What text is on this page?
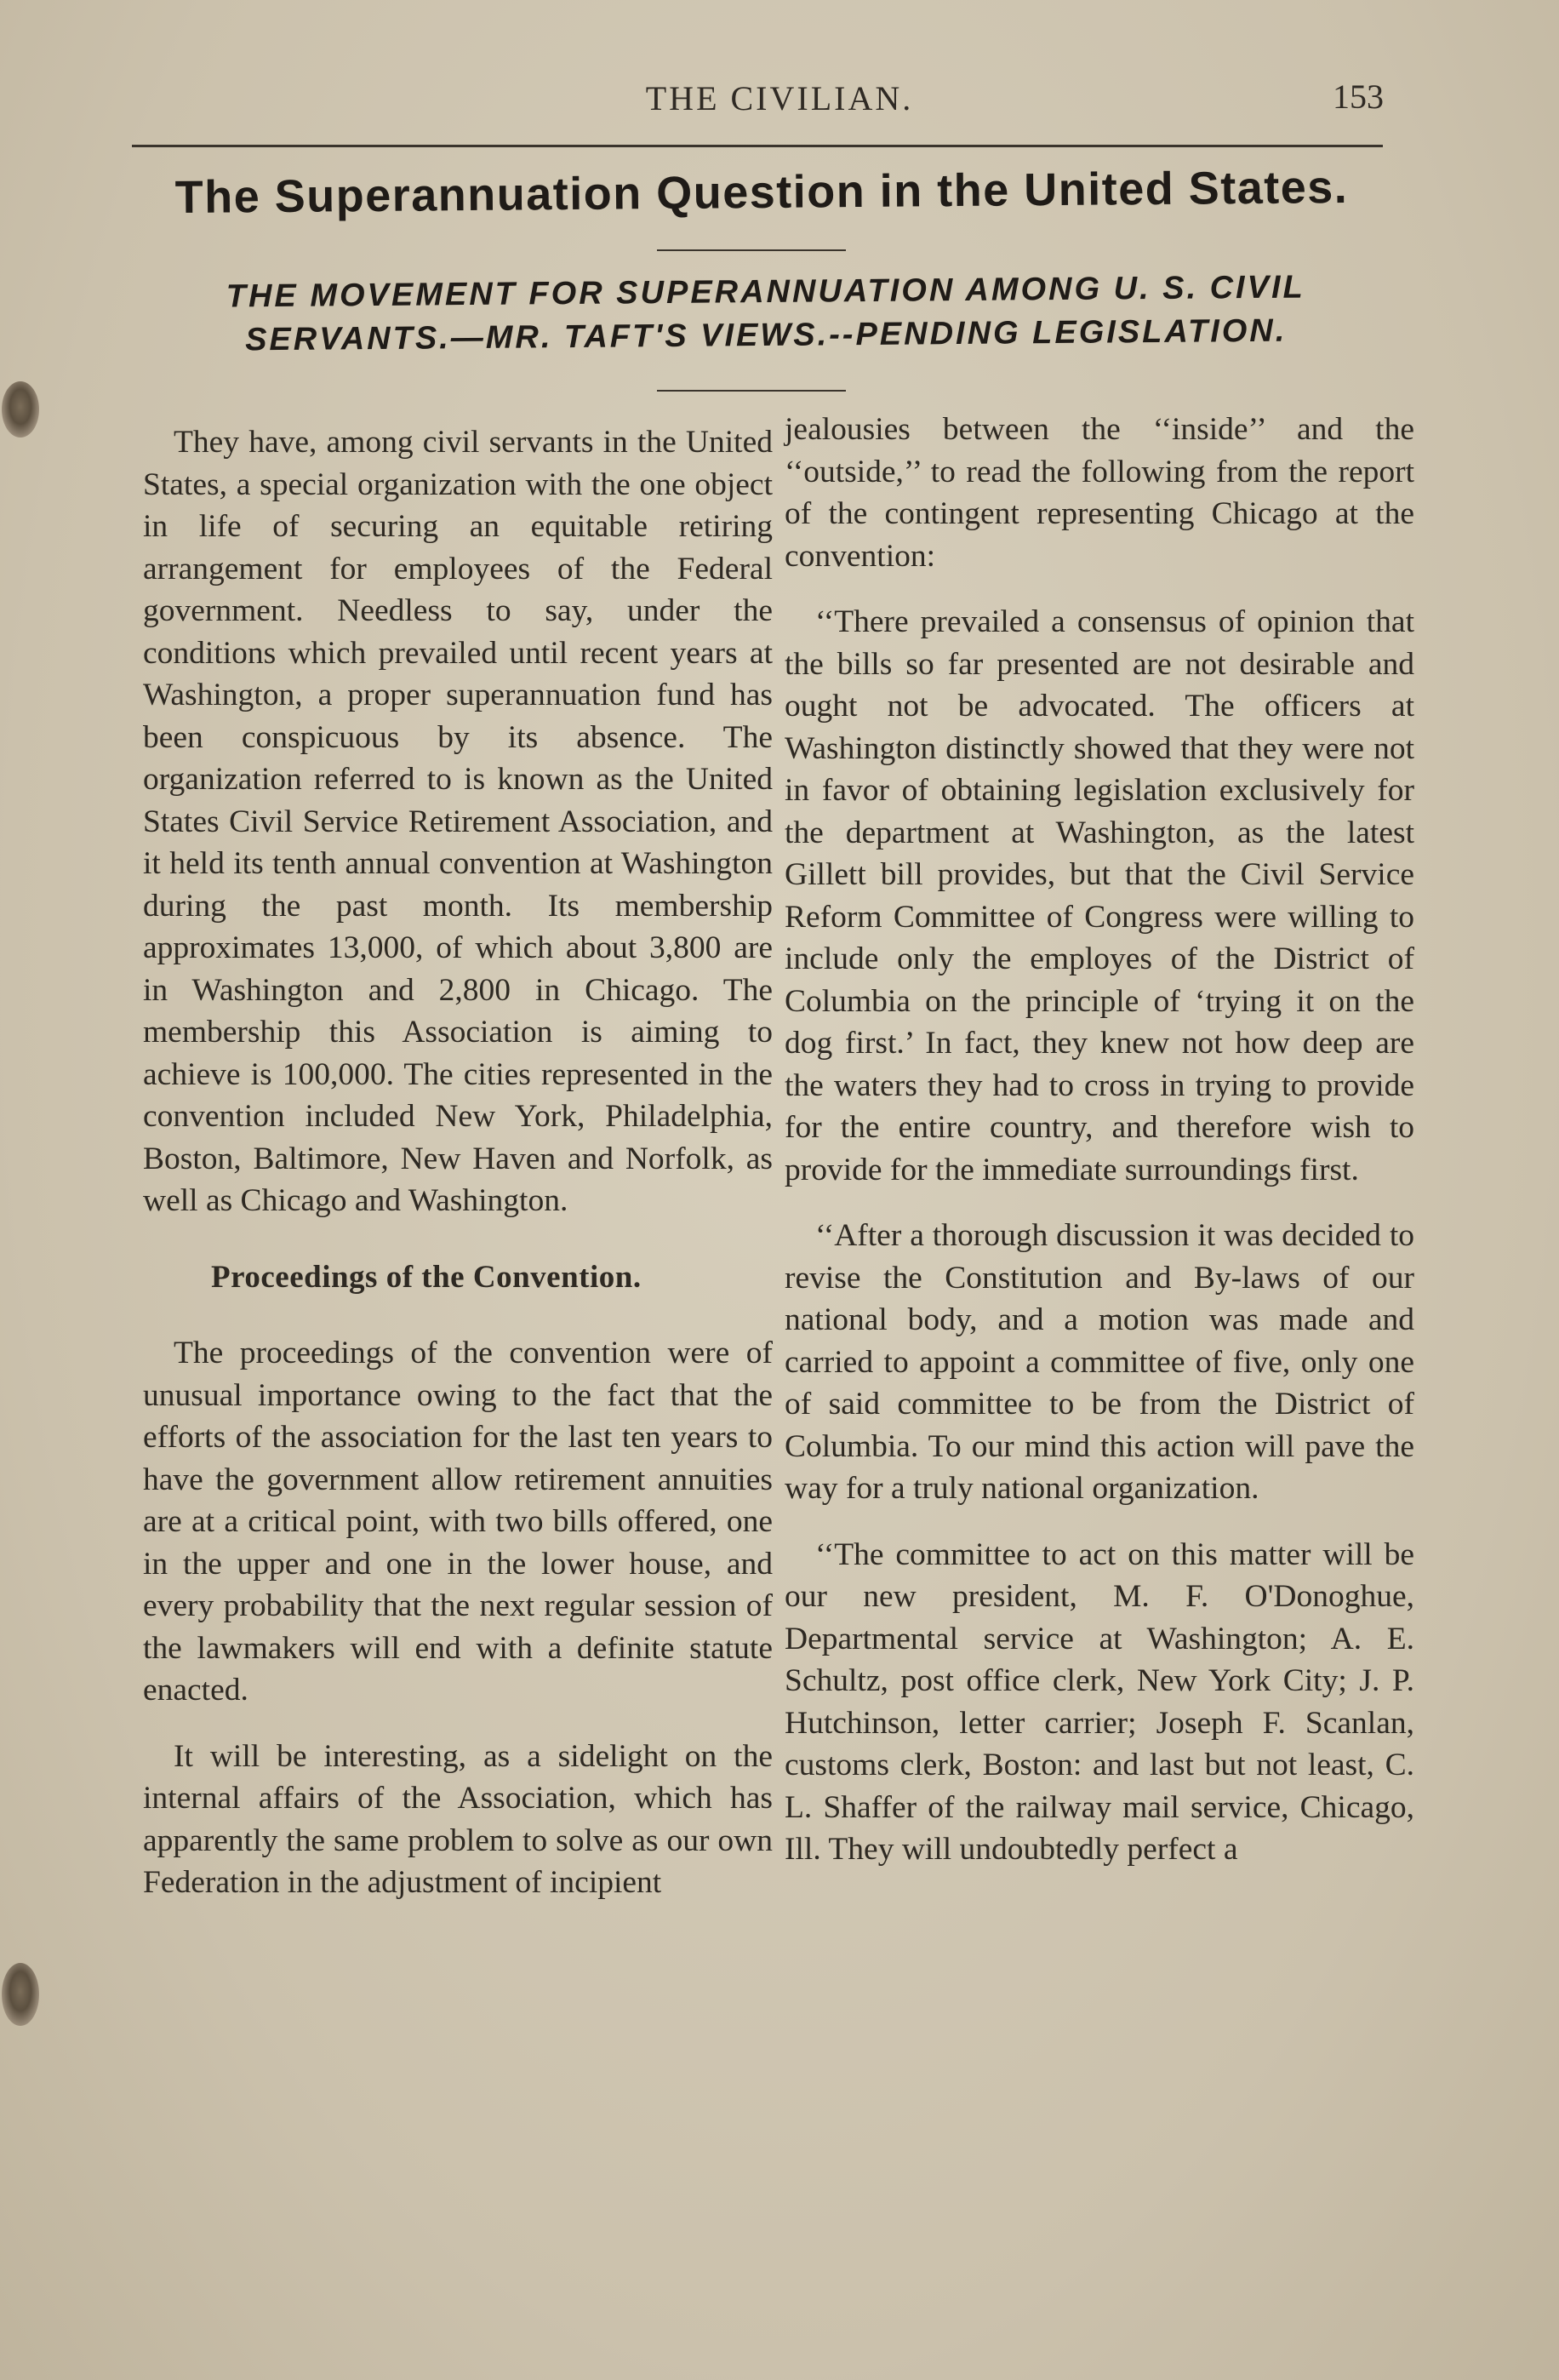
THE CIVILIAN.	153
The Superannuation Question in the United States.
THE MOVEMENT FOR SUPERANNUATION AMONG U. S. CIVIL
SERVANTS.—MR. TAFT'S VIEWS.--PENDING LEGISLATION.

They have, among civil servants in the United States, a special organization with the one object in life of securing an equitable retiring arrangement for employees of the Federal government. Needless to say, under the conditions which prevailed until recent years at Washington, a proper superannuation fund has been conspicuous by its absence. The organization referred to is known as the United States Civil Service Retirement Association, and it held its tenth annual convention at Washington during the past month. Its membership approximates 13,000, of which about 3,800 are in Washington and 2,800 in Chicago. The membership this Association is aiming to achieve is 100,000. The cities represented in the convention included New York, Philadelphia, Boston, Baltimore, New Haven and Norfolk, as well as Chicago and Washington.

Proceedings of the Convention.

The proceedings of the convention were of unusual importance owing to the fact that the efforts of the association for the last ten years to have the government allow retirement annuities are at a critical point, with two bills offered, one in the upper and one in the lower house, and every probability that the next regular session of the lawmakers will end with a definite statute enacted.

It will be interesting, as a sidelight on the internal affairs of the Association, which has apparently the same problem to solve as our own Federation in the adjustment of incipient

jealousies between the ‘‘inside’’ and the ‘‘outside,’’ to read the following from the report of the contingent representing Chicago at the convention:

‘‘There prevailed a consensus of opinion that the bills so far presented are not desirable and ought not be advocated. The officers at Washington distinctly showed that they were not in favor of obtaining legislation exclusively for the department at Washington, as the latest Gillett bill provides, but that the Civil Service Reform Committee of Congress were willing to include only the employes of the District of Columbia on the principle of ‘trying it on the dog first.’ In fact, they knew not how deep are the waters they had to cross in trying to provide for the entire country, and therefore wish to provide for the immediate surroundings first.

‘‘After a thorough discussion it was decided to revise the Constitution and By-laws of our national body, and a motion was made and carried to appoint a committee of five, only one of said committee to be from the District of Columbia. To our mind this action will pave the way for a truly national organization.

‘‘The committee to act on this matter will be our new president, M. F. O'Donoghue, Departmental service at Washington; A. E. Schultz, post office clerk, New York City; J. P. Hutchinson, letter carrier; Joseph F. Scanlan, customs clerk, Boston: and last but not least, C. L. Shaffer of the railway mail service, Chicago, Ill. They will undoubtedly perfect a
